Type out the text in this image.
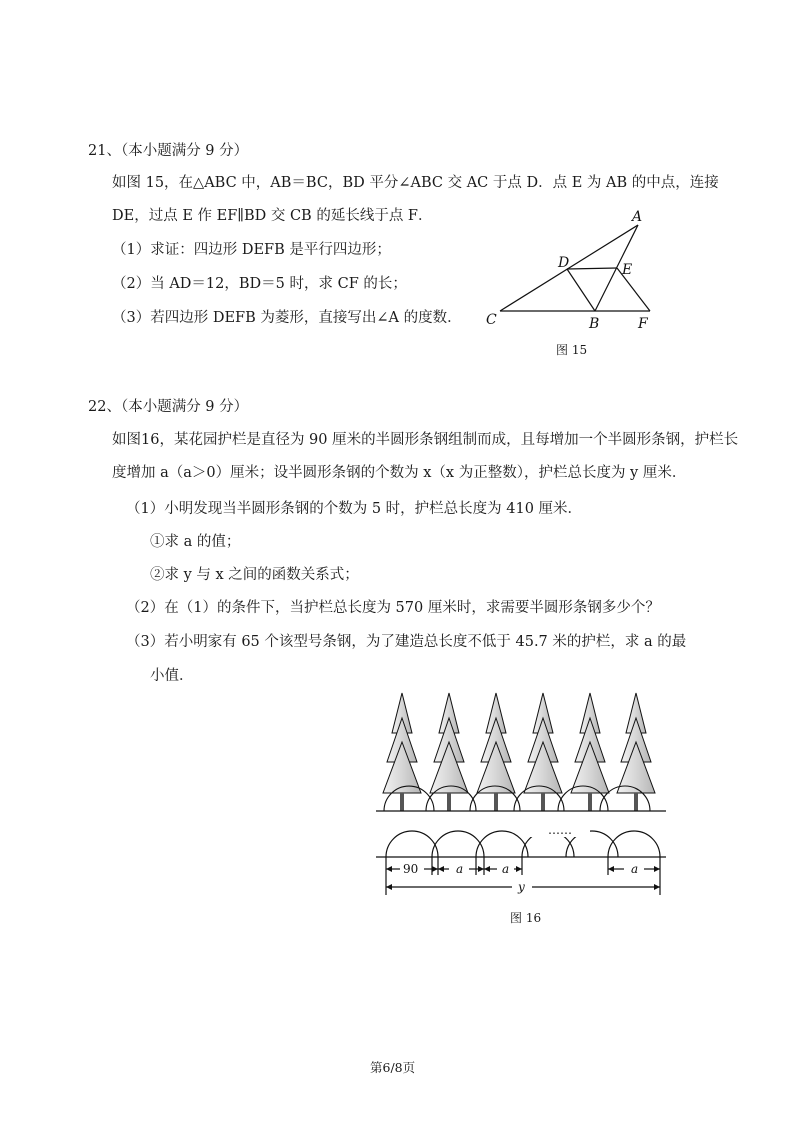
21、（本小题满分 9 分）
如图 15，在△ABC 中，AB＝BC，BD 平分∠ABC 交 AC 于点 D．点 E 为 AB 的中点，连接
DE，过点 E 作 EF∥BD 交 CB 的延长线于点 F．
（1）求证：四边形 DEFB 是平行四边形；
（2）当 AD＝12，BD＝5 时，求 CF 的长；
（3）若四边形 DEFB 为菱形，直接写出∠A 的度数．
A
D	E
C	B	F
图 15
22、（本小题满分 9 分）
如图16，某花园护栏是直径为 90 厘米的半圆形条钢组制而成，且每增加一个半圆形条钢，护栏长
度增加 a（a＞0）厘米；设半圆形条钢的个数为 x（x 为正整数），护栏总长度为 y 厘米．
（1）小明发现当半圆形条钢的个数为 5 时，护栏总长度为 410 厘米．
①求 a 的值；
②求 y 与 x 之间的函数关系式；
（2）在（1）的条件下，当护栏总长度为 570 厘米时，求需要半圆形条钢多少个？
（3）若小明家有 65 个该型号条钢，为了建造总长度不低于 45.7 米的护栏，求 a 的最
小值．
……
90	a	a	a
y
图 16
第6/8页
